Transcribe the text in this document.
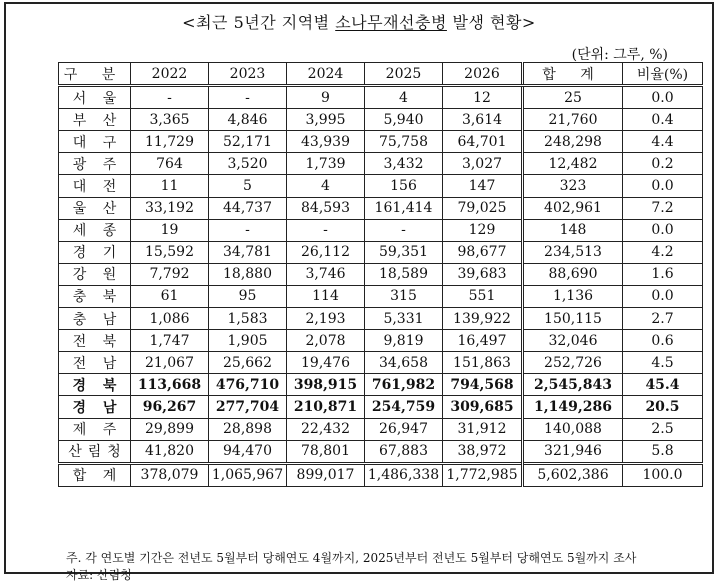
<최근 5년간 지역별 소나무재선충병 발생 현황>
(단위: 그루, %)
구 분	2022	2023	2024	2025	2026	합 계	비율(%)
서 울	-	-	9	4	12	25	0.0
부 산	3,365	4,846	3,995	5,940	3,614	21,760	0.4
대 구	11,729	52,171	43,939	75,758	64,701	248,298	4.4
광 주	764	3,520	1,739	3,432	3,027	12,482	0.2
대 전	11	5	4	156	147	323	0.0
울 산	33,192	44,737	84,593	161,414	79,025	402,961	7.2
세 종	19	-	-	-	129	148	0.0
경 기	15,592	34,781	26,112	59,351	98,677	234,513	4.2
강 원	7,792	18,880	3,746	18,589	39,683	88,690	1.6
충 북	61	95	114	315	551	1,136	0.0
충 남	1,086	1,583	2,193	5,331	139,922	150,115	2.7
전 북	1,747	1,905	2,078	9,819	16,497	32,046	0.6
전 남	21,067	25,662	19,476	34,658	151,863	252,726	4.5
경 북	113,668	476,710	398,915	761,982	794,568	2,545,843	45.4
경 남	96,267	277,704	210,871	254,759	309,685	1,149,286	20.5
제 주	29,899	28,898	22,432	26,947	31,912	140,088	2.5
산림청	41,820	94,470	78,801	67,883	38,972	321,946	5.8
합 계	378,079	1,065,967	899,017	1,486,338	1,772,985	5,602,386	100.0
주. 각 연도별 기간은 전년도 5월부터 당해연도 4월까지, 2025년부터 전년도 5월부터 당해연도 5월까지 조사
자료: 산림청
